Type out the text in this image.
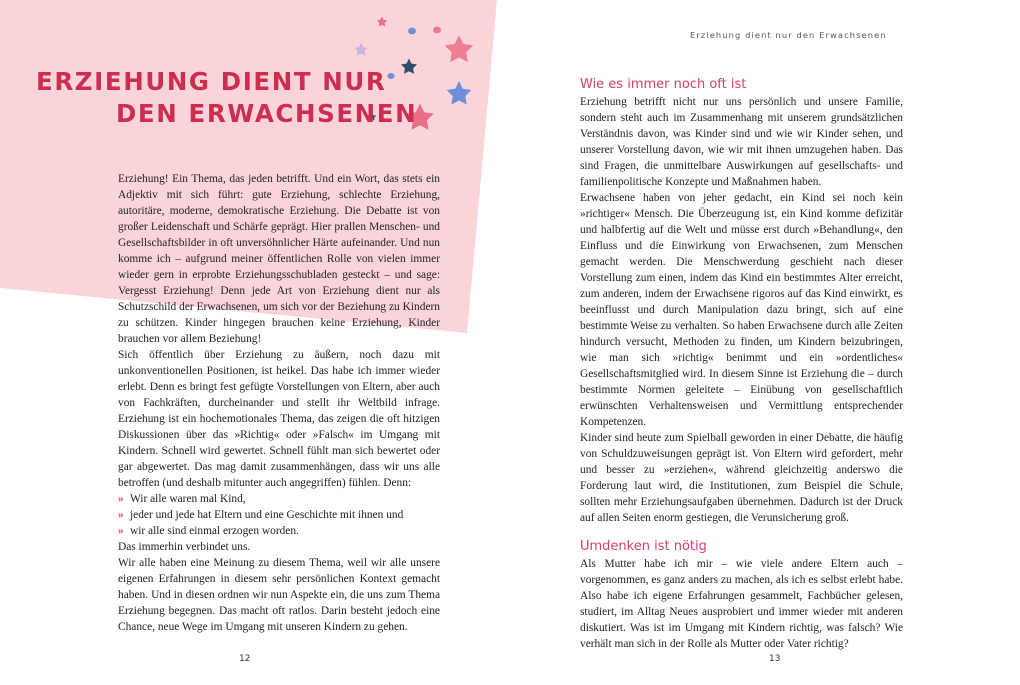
ERZIEHUNG DIENT NUR
DEN ERWACHSENEN
Erziehung dient nur den Erwachsenen

Erziehung! Ein Thema, das jeden betrifft. Und ein Wort, das stets ein Adjektiv mit sich führt: gute Erziehung, schlechte Erziehung, autoritäre, moderne, demokratische Erziehung. Die Debatte ist von großer Leidenschaft und Schärfe geprägt. Hier prallen Menschen- und Gesellschaftsbilder in oft unversöhnlicher Härte aufeinander. Und nun komme ich – aufgrund meiner öffentlichen Rolle von vielen immer wieder gern in erprobte Erziehungsschubladen gesteckt – und sage: Vergesst Erziehung! Denn jede Art von Erziehung dient nur als Schutzschild der Erwachsenen, um sich vor der Beziehung zu Kindern zu schützen. Kinder hingegen brauchen keine Erziehung, Kinder brauchen vor allem Beziehung!

Sich öffentlich über Erziehung zu äußern, noch dazu mit unkonventionellen Positionen, ist heikel. Das habe ich immer wieder erlebt. Denn es bringt fest gefügte Vorstellungen von Eltern, aber auch von Fachkräften, durcheinander und stellt ihr Weltbild infrage. Erziehung ist ein hochemotionales Thema, das zeigen die oft hitzigen Diskussionen über das »Richtig« oder »Falsch« im Umgang mit Kindern. Schnell wird gewertet. Schnell fühlt man sich bewertet oder gar abgewertet. Das mag damit zusammenhängen, dass wir uns alle betroffen (und deshalb mitunter auch angegriffen) fühlen. Denn:

» Wir alle waren mal Kind,
» jeder und jede hat Eltern und eine Geschichte mit ihnen und
» wir alle sind einmal erzogen worden.

Das immerhin verbindet uns.

Wir alle haben eine Meinung zu diesem Thema, weil wir alle unsere eigenen Erfahrungen in diesem sehr persönlichen Kontext gemacht haben. Und in diesen ordnen wir nun Aspekte ein, die uns zum Thema Erziehung begegnen. Das macht oft ratlos. Darin besteht jedoch eine Chance, neue Wege im Umgang mit unseren Kindern zu gehen.

Wie es immer noch oft ist

Erziehung betrifft nicht nur uns persönlich und unsere Familie, sondern steht auch im Zusammenhang mit unserem grundsätzlichen Verständnis davon, was Kinder sind und wie wir Kinder sehen, und unserer Vorstellung davon, wie wir mit ihnen umzugehen haben. Das sind Fragen, die unmittelbare Auswirkungen auf gesellschafts- und familienpolitische Konzepte und Maßnahmen haben.

Erwachsene haben von jeher gedacht, ein Kind sei noch kein »richtiger« Mensch. Die Überzeugung ist, ein Kind komme defizitär und halbfertig auf die Welt und müsse erst durch »Behandlung«, den Einfluss und die Einwirkung von Erwachsenen, zum Menschen gemacht werden. Die Menschwerdung geschieht nach dieser Vorstellung zum einen, indem das Kind ein bestimmtes Alter erreicht, zum anderen, indem der Erwachsene rigoros auf das Kind einwirkt, es beeinflusst und durch Manipulation dazu bringt, sich auf eine bestimmte Weise zu verhalten. So haben Erwachsene durch alle Zeiten hindurch versucht, Methoden zu finden, um Kindern beizubringen, wie man sich »richtig« benimmt und ein »ordentliches« Gesellschaftsmitglied wird. In diesem Sinne ist Erziehung die – durch bestimmte Normen geleitete – Einübung von gesellschaftlich erwünschten Verhaltensweisen und Vermittlung entsprechender Kompetenzen.

Kinder sind heute zum Spielball geworden in einer Debatte, die häufig von Schuldzuweisungen geprägt ist. Von Eltern wird gefordert, mehr und besser zu »erziehen«, während gleichzeitig anderswo die Forderung laut wird, die Institutionen, zum Beispiel die Schule, sollten mehr Erziehungsaufgaben übernehmen. Dadurch ist der Druck auf allen Seiten enorm gestiegen, die Verunsicherung groß.

Umdenken ist nötig

Als Mutter habe ich mir – wie viele andere Eltern auch – vorgenommen, es ganz anders zu machen, als ich es selbst erlebt habe. Also habe ich eigene Erfahrungen gesammelt, Fachbücher gelesen, studiert, im Alltag Neues ausprobiert und immer wieder mit anderen diskutiert. Was ist im Umgang mit Kindern richtig, was falsch? Wie verhält man sich in der Rolle als Mutter oder Vater richtig?

12	13
